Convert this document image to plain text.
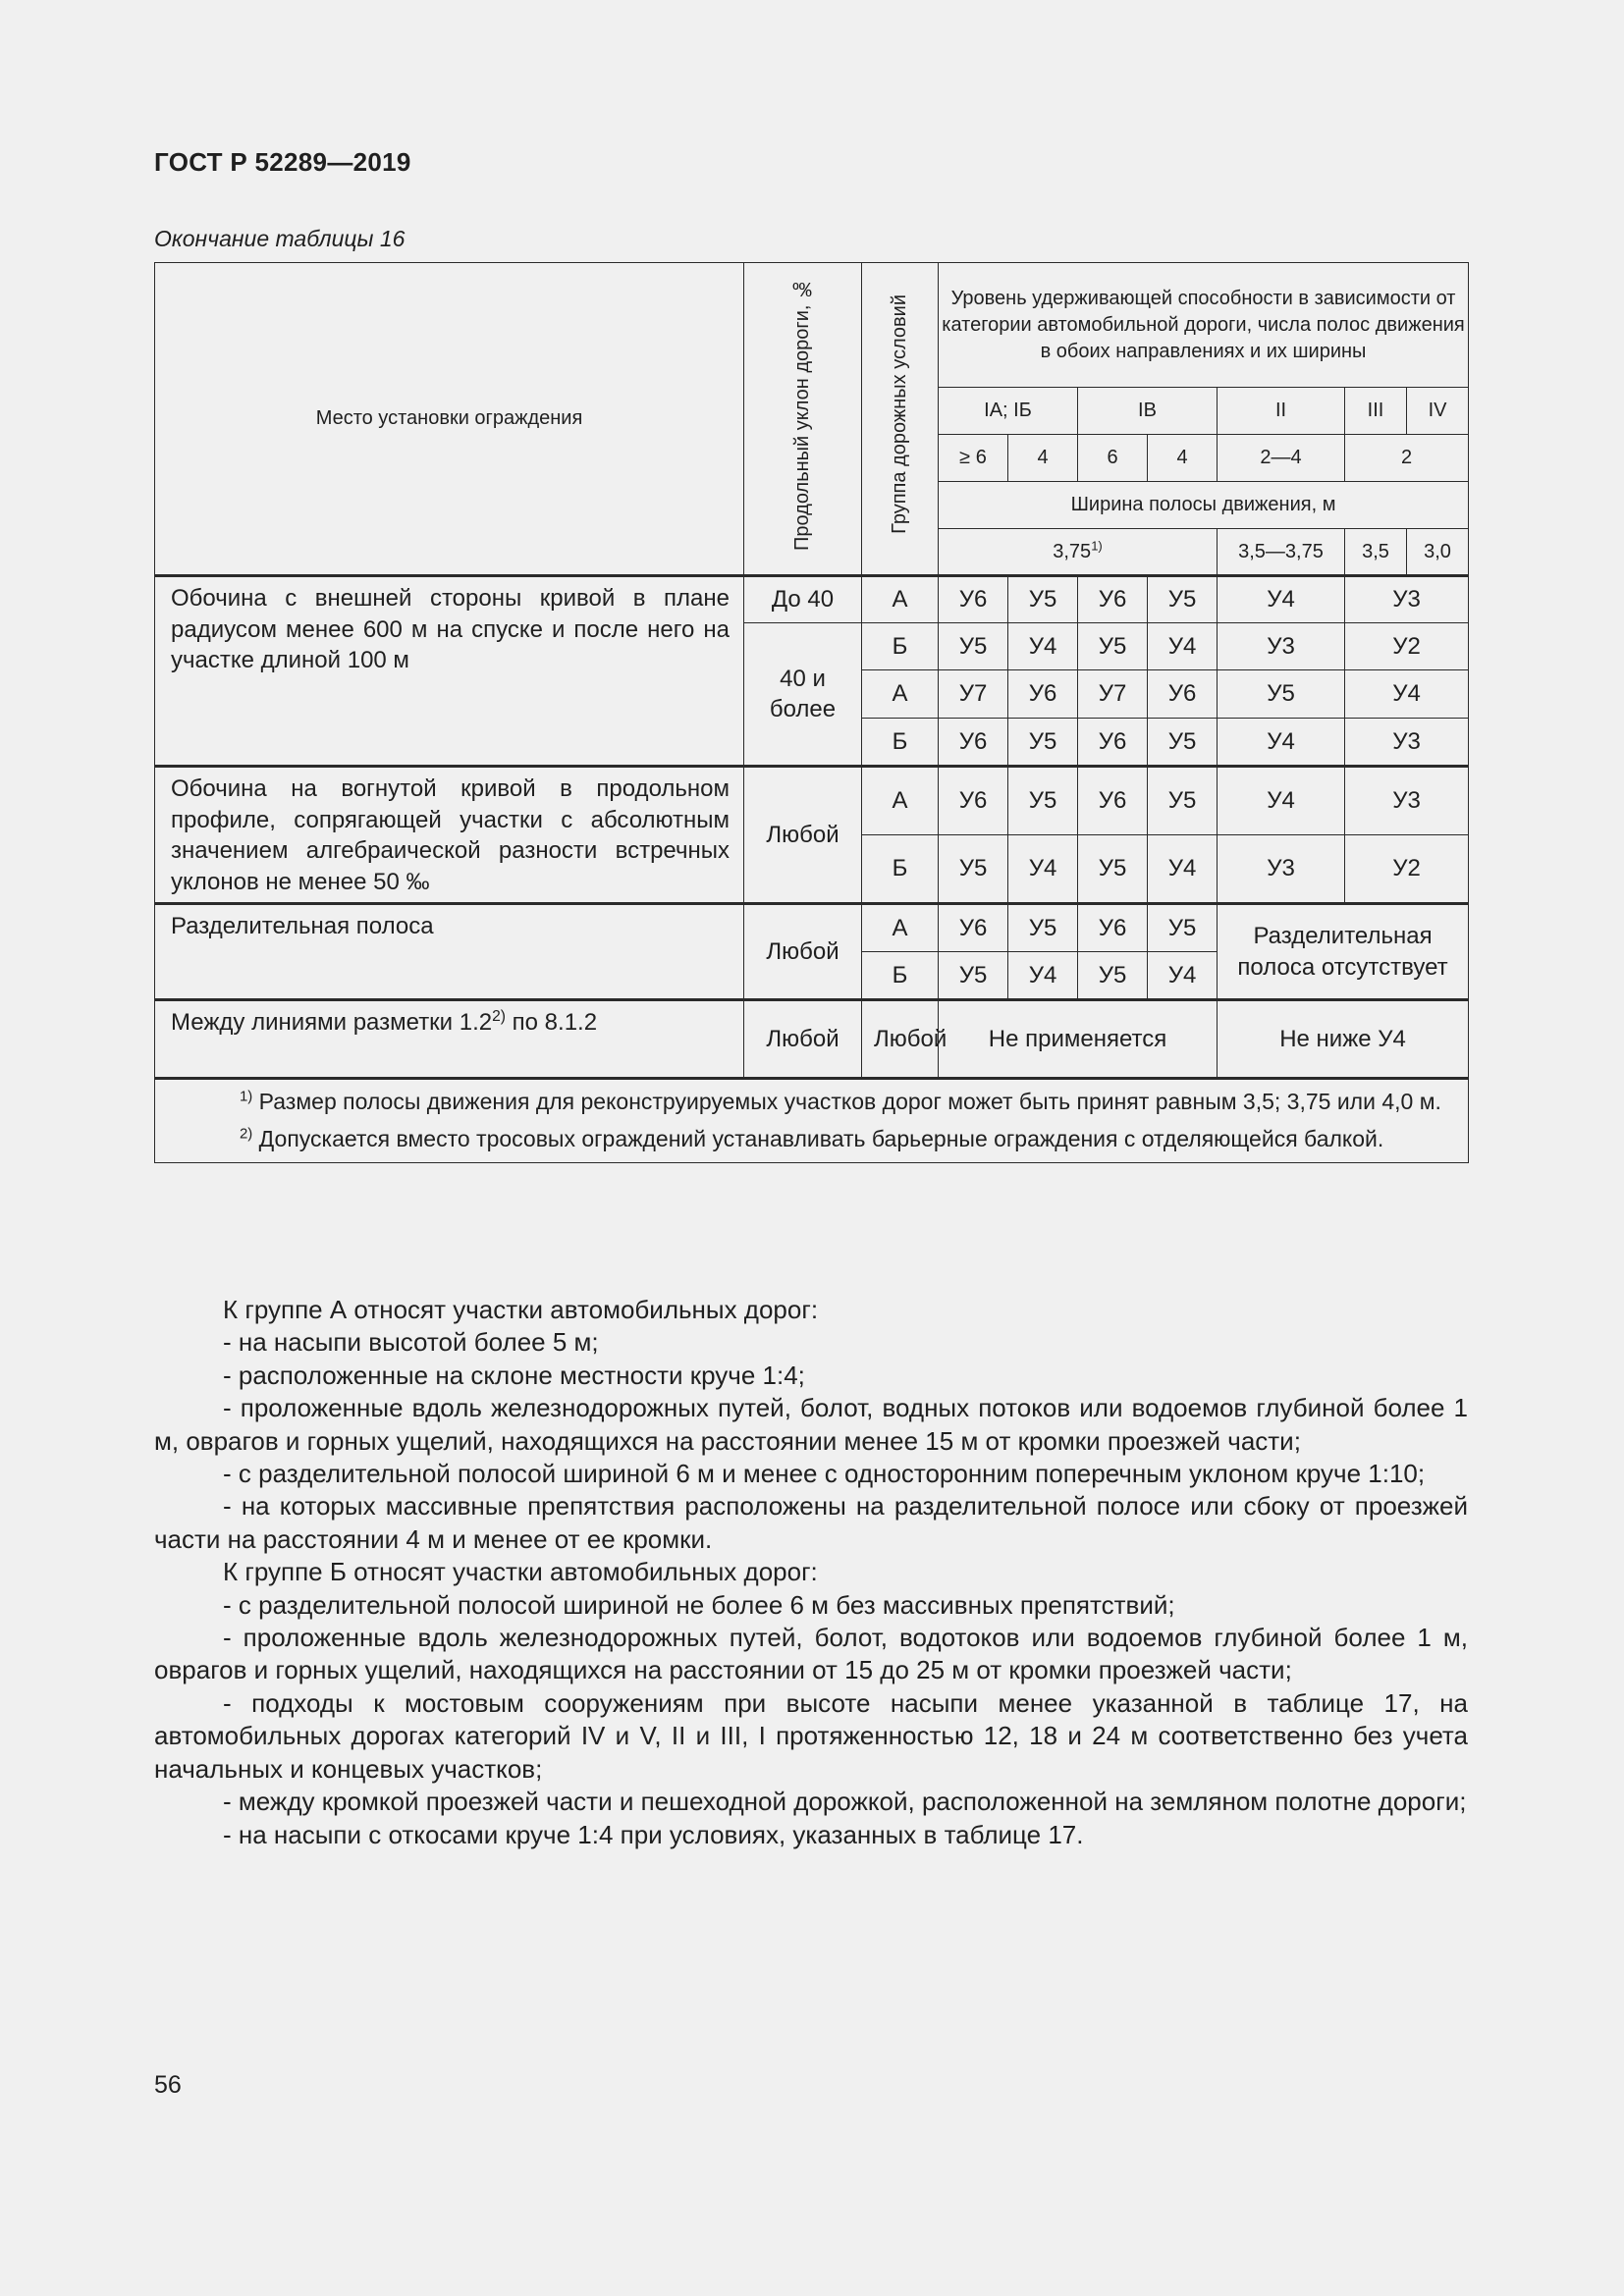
ГОСТ Р 52289—2019
Окончание таблицы 16
Место установки ограждения	Продольный уклон дороги, ‰	Группа дорожных условий	Уровень удерживающей способности в зависимости от категории автомобильной дороги, числа полос движения в обоих направлениях и их ширины						
			IА; IБ		IВ		II	III	IV
			≥ 6	4	6	4	2—4	2	
			Ширина полосы движения, м						
			3,75$^{1)}$				3,5—3,75	3,5	3,0
Обочина с внешней стороны кривой в плане радиусом менее 600 м на спуске и после него на участке длиной 100 м	До 40	А	У6	У5	У6	У5	У4	У3	
	40 и более	Б	У5	У4	У5	У4	У3	У2	
		А	У7	У6	У7	У6	У5	У4	
		Б	У6	У5	У6	У5	У4	У3	
Обочина на вогнутой кривой в продольном профиле, сопрягающей участки с абсолютным значением алгебраической разности встречных уклонов не менее 50 ‰	Любой	А	У6	У5	У6	У5	У4	У3	
		Б	У5	У4	У5	У4	У3	У2	
Разделительная полоса	Любой	А	У6	У5	У6	У5	Разделительная полоса отсутствует		
		Б	У5	У4	У5	У4			
Между линиями разметки 1.2$^{2)}$ по 8.1.2	Любой	Любой	Не применяется				Не ниже У4		

$^{1)}$ Размер полосы движения для реконструируемых участков дорог может быть принят равным 3,5; 3,75 или 4,0 м.

$^{2)}$ Допускается вместо тросовых ограждений устанавливать барьерные ограждения с отделяющейся балкой.									

К группе А относят участки автомобильных дорог:

- на насыпи высотой более 5 м;

- расположенные на склоне местности круче 1:4;

- проложенные вдоль железнодорожных путей, болот, водных потоков или водоемов глубиной более 1 м, оврагов и горных ущелий, находящихся на расстоянии менее 15 м от кромки проезжей части;

- с разделительной полосой шириной 6 м и менее с односторонним поперечным уклоном круче 1:10;

- на которых массивные препятствия расположены на разделительной полосе или сбоку от проезжей части на расстоянии 4 м и менее от ее кромки.

К группе Б относят участки автомобильных дорог:

- с разделительной полосой шириной не более 6 м без массивных препятствий;

- проложенные вдоль железнодорожных путей, болот, водотоков или водоемов глубиной более 1 м, оврагов и горных ущелий, находящихся на расстоянии от 15 до 25 м от кромки проезжей части;

- подходы к мостовым сооружениям при высоте насыпи менее указанной в таблице 17, на автомобильных дорогах категорий IV и V, II и III, I протяженностью 12, 18 и 24 м соответственно без учета начальных и концевых участков;

- между кромкой проезжей части и пешеходной дорожкой, расположенной на земляном полотне дороги;

- на насыпи с откосами круче 1:4 при условиях, указанных в таблице 17.

56
